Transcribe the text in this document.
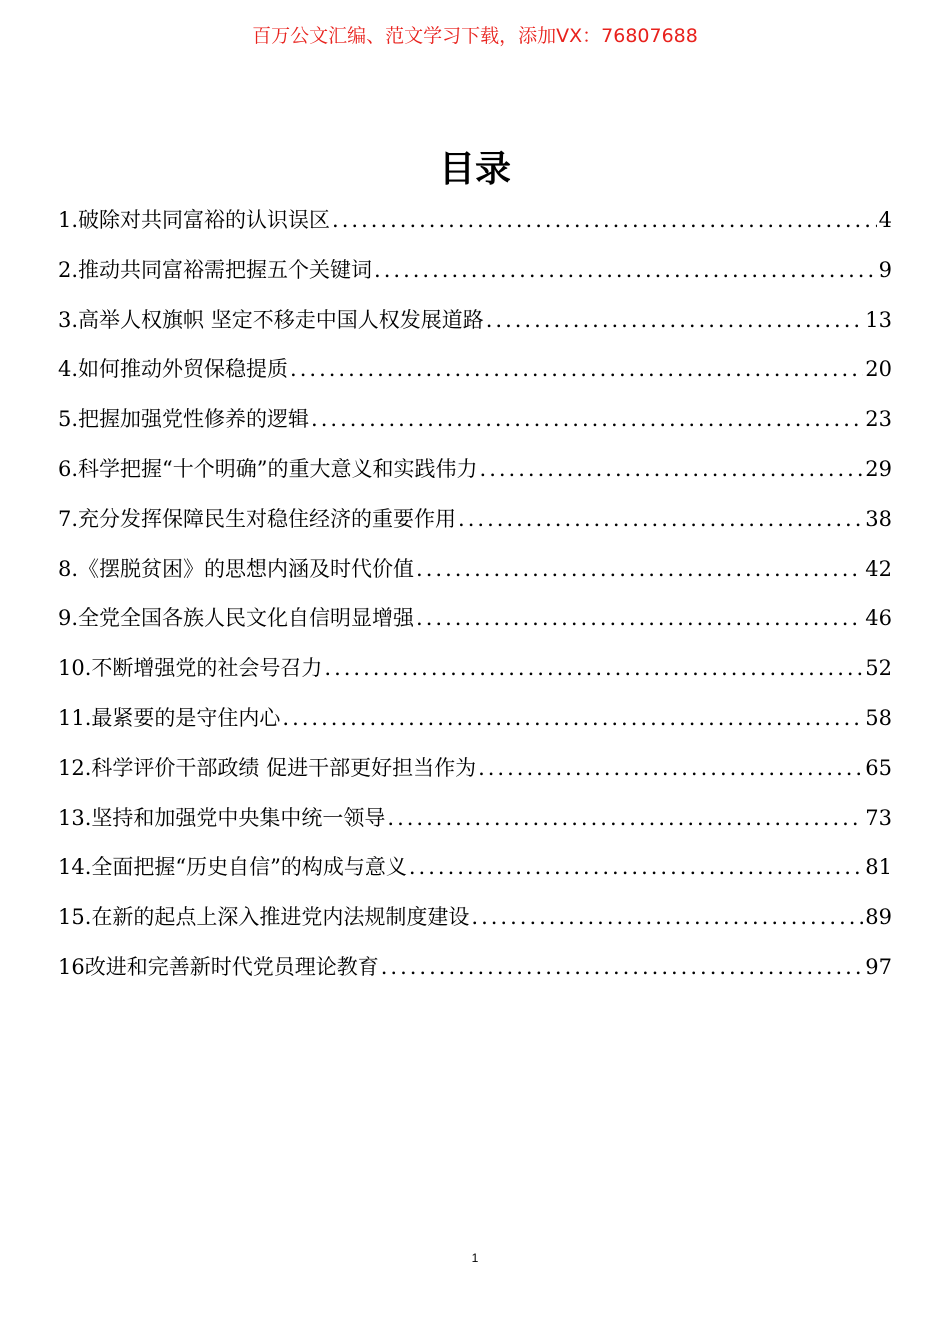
百万公文汇编、范文学习下载，添加VX：76807688
目录
1.破除对共同富裕的认识误区 .....	4
2.推动共同富裕需把握五个关键词 .....	9
3.高举人权旗帜 坚定不移走中国人权发展道路 .....	13
4.如何推动外贸保稳提质 .....	20
5.把握加强党性修养的逻辑 .....	23
6.科学把握“十个明确”的重大意义和实践伟力 .....	29
7.充分发挥保障民生对稳住经济的重要作用 .....	38
8.《摆脱贫困》的思想内涵及时代价值 .....	42
9.全党全国各族人民文化自信明显增强 .....	46
10.不断增强党的社会号召力 .....	52
11.最紧要的是守住内心 .....	58
12.科学评价干部政绩 促进干部更好担当作为 .....	65
13.坚持和加强党中央集中统一领导 .....	73
14.全面把握“历史自信”的构成与意义 .....	81
15.在新的起点上深入推进党内法规制度建设 .....	89
16改进和完善新时代党员理论教育 .....	97
1
